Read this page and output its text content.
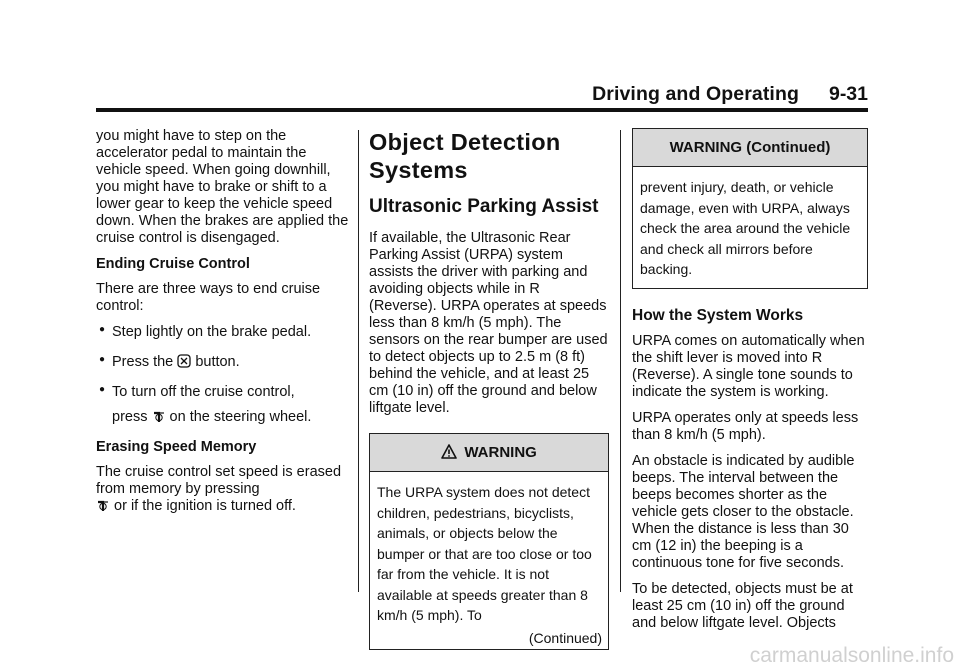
Driving and Operating 9-31

you might have to step on the accelerator pedal to maintain the vehicle speed. When going downhill, you might have to brake or shift to a lower gear to keep the vehicle speed down. When the brakes are applied the cruise control is disengaged.

Ending Cruise Control

There are three ways to end cruise control:

● Step lightly on the brake pedal.
● Press the button.
● To turn off the cruise control,
press on the steering wheel.

Erasing Speed Memory

The cruise control set speed is erased from memory by pressing
or if the ignition is turned off.

Object Detection Systems
Ultrasonic Parking Assist

If available, the Ultrasonic Rear Parking Assist (URPA) system assists the driver with parking and avoiding objects while in R (Reverse). URPA operates at speeds less than 8 km/h (5 mph). The sensors on the rear bumper are used to detect objects up to 2.5 m (8 ft) behind the vehicle, and at least 25 cm (10 in) off the ground and below liftgate level.

WARNING
The URPA system does not detect children, pedestrians, bicyclists, animals, or objects below the bumper or that are too close or too far from the vehicle. It is not available at speeds greater than 8 km/h (5 mph). To
(Continued)
WARNING (Continued)
prevent injury, death, or vehicle damage, even with URPA, always check the area around the vehicle and check all mirrors before backing.
How the System Works

URPA comes on automatically when the shift lever is moved into R (Reverse). A single tone sounds to indicate the system is working.

URPA operates only at speeds less than 8 km/h (5 mph).

An obstacle is indicated by audible beeps. The interval between the beeps becomes shorter as the vehicle gets closer to the obstacle. When the distance is less than 30 cm (12 in) the beeping is a continuous tone for five seconds.

To be detected, objects must be at least 25 cm (10 in) off the ground and below liftgate level. Objects

carmanualsonline.info
